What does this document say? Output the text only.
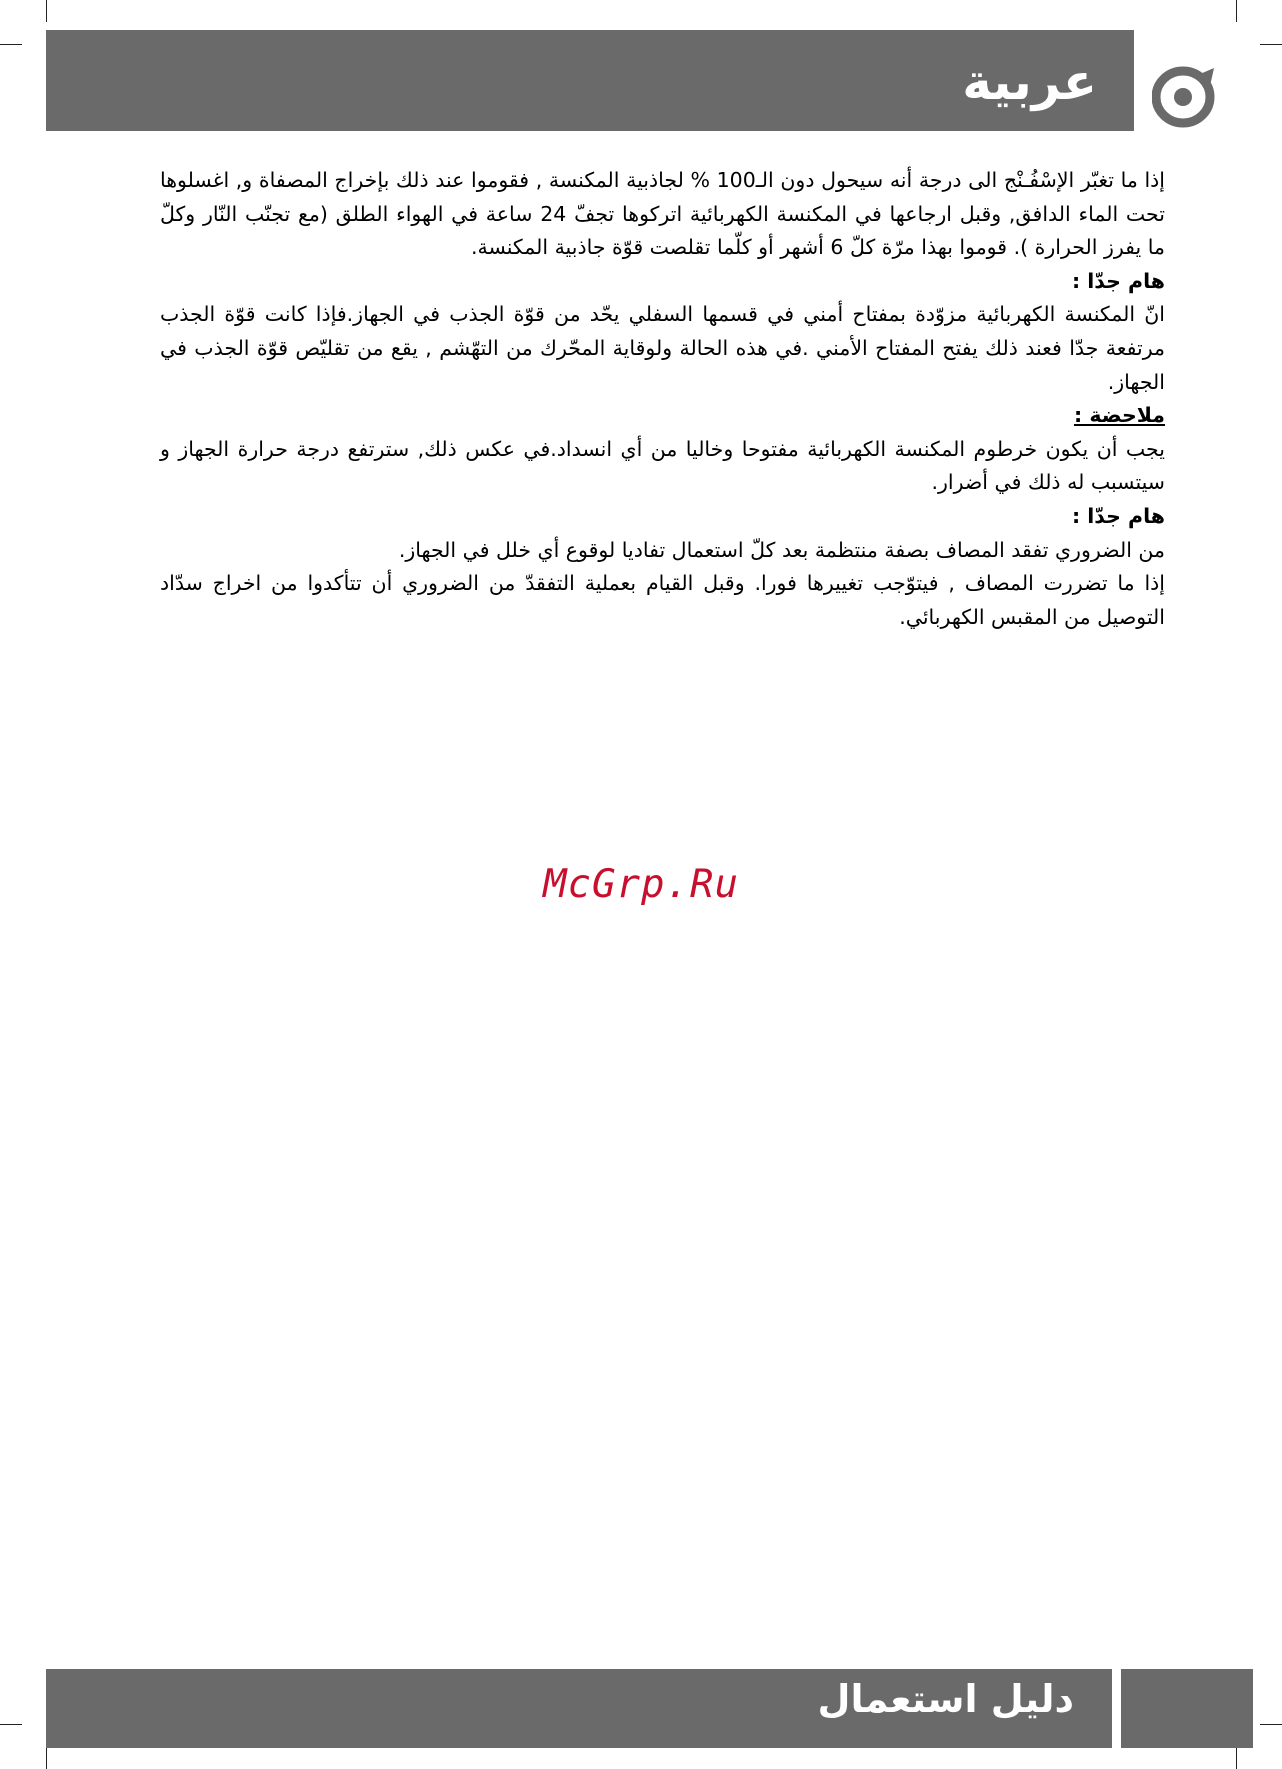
عربية

إذا ما تغبّر الإسْفُـنْج الى درجة أنه سيحول دون الـ100 % لجاذبية المكنسة , فقوموا عند ذلك بإخراج المصفاة و, اغسلوها تحت الماء الدافق, وقبل ارجاعها في المكنسة الكهربائية اتركوها تجفّ 24 ساعة في الهواء الطلق (مع تجنّب النّار وكلّ ما يفرز الحرارة ). قوموا بهذا مرّة كلّ 6 أشهر أو كلّما تقلصت قوّة جاذبية المكنسة.

هام جدّا :

انّ المكنسة الكهربائية مزوّدة بمفتاح أمني في قسمها السفلي يحّد من قوّة الجذب في الجهاز.فإذا كانت قوّة الجذب مرتفعة جدّا فعند ذلك يفتح المفتاح الأمني .في هذه الحالة ولوقاية المحّرك من التهّشم , يقع من تقليّص قوّة الجذب في الجهاز.

ملاحضة :

يجب أن يكون خرطوم المكنسة الكهربائية مفتوحا وخاليا من أي انسداد.في عكس ذلك, سترتفع درجة حرارة الجهاز و سيتسبب له ذلك في أضرار.

هام جدّا :

من الضروري تفقد المصاف بصفة منتظمة بعد كلّ استعمال تفاديا لوقوع أي خلل في الجهاز.

إذا ما تضررت المصاف , فيتوّجب تغييرها فورا. وقبل القيام بعملية التفقدّ من الضروري أن تتأكدوا من اخراج سدّاد التوصيل من المقبس الكهربائي.

McGrp.Ru
دليل استعمال
